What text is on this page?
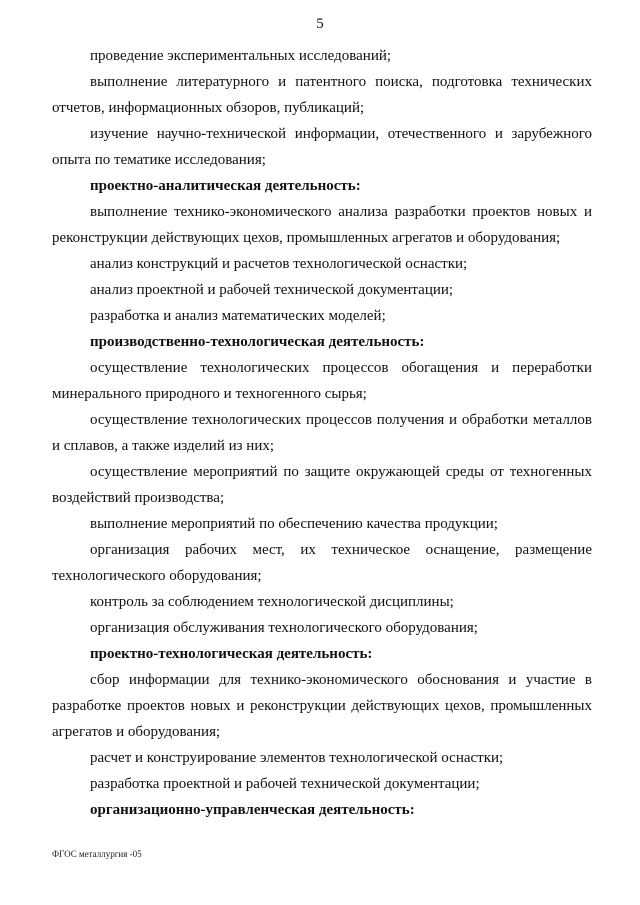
5

проведение экспериментальных исследований;

выполнение литературного и патентного поиска, подготовка технических отчетов, информационных обзоров, публикаций;

изучение научно-технической информации, отечественного и зарубежного опыта по тематике исследования;

проектно-аналитическая деятельность:

выполнение технико-экономического анализа разработки проектов новых и реконструкции действующих цехов, промышленных агрегатов и оборудования;

анализ конструкций и расчетов технологической оснастки;

анализ проектной и рабочей технической документации;

разработка и анализ математических моделей;

производственно-технологическая деятельность:

осуществление технологических процессов обогащения и переработки минерального природного и техногенного сырья;

осуществление технологических процессов получения и обработки металлов и сплавов, а также изделий из них;

осуществление мероприятий по защите окружающей среды от техногенных воздействий производства;

выполнение мероприятий по обеспечению качества продукции;

организация рабочих мест, их техническое оснащение, размещение технологического оборудования;

контроль за соблюдением технологической дисциплины;

организация обслуживания технологического оборудования;

проектно-технологическая деятельность:

сбор информации для технико-экономического обоснования и участие в разработке проектов новых и реконструкции действующих цехов, промышленных агрегатов и оборудования;

расчет и конструирование элементов технологической оснастки;

разработка проектной и рабочей технической документации;

организационно-управленческая деятельность:

ФГОС металлургия -05
